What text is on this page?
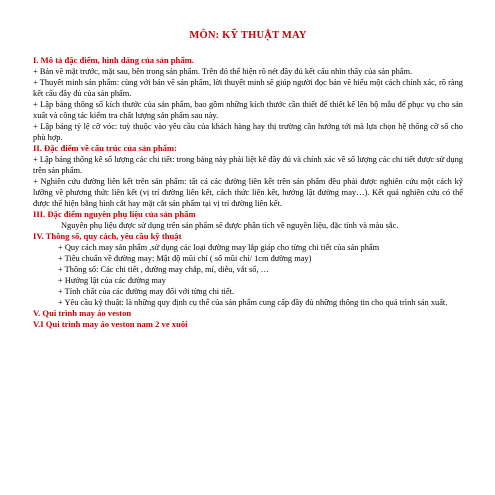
MÔN: KỸ THUẬT MAY
I. Mô tả đặc điểm, hình dáng của sản phẩm.
+ Bản vẽ mặt trước, mặt sau, bên trong sản phẩm. Trên đó thể hiện rõ nét đầy đủ kết cấu nhìn thấy của sản phẩm.
+ Thuyết minh sản phẩm: cùng với bản vẽ sản phẩm, lời thuyết minh sẽ giúp người đọc bản vẽ hiểu một cách chính xác, rõ ràng kết cấu đầy đủ của sản phẩm.
+ Lập bảng thông số kích thước của sản phẩm, bao gồm những kích thước cần thiết để thiết kế lên bộ mẫu để phục vụ cho sản xuất và công tác kiểm tra chất lượng sản phẩm sau này.
+ Lập bảng tỷ lệ cỡ vóc: tuỳ thuộc vào yêu cầu của khách hàng hay thị trường cần hướng tới mà lựa chọn hệ thống cỡ số cho phù hợp.
II. Đặc điểm về cấu trúc của sản phẩm:
+ Lập bảng thống kê số lượng các chi tiết: trong bảng này phải liệt kê đầy đủ và chính xác về số lượng các chi tiết được sử dụng trên sản phẩm.
+ Nghiên cứu đường liên kết trên sản phẩm: tất cả các đường liên kết trên sản phẩm đều phải được nghiên cứu một cách kỹ lưỡng về phương thức liên kết (vị trí đường liên kết, cách thức liên kết, hướng lật đường may…). Kết quả nghiên cứu có thể được thể hiện bằng hình cắt hay mặt cắt sản phẩm tại vị trí đường liên kết.
III. Đặc điểm nguyên phụ liệu của sản phẩm
Nguyên phụ liệu được sử dụng trên sản phẩm sẽ được phân tích về nguyên liệu, đặc tính và màu sắc.
IV. Thông số, quy cách, yêu cầu kỹ thuật
+ Quy cách may sản phẩm ,sử dụng các loại đường may lắp giáp cho từng chi tiết của sản phẩm
+ Tiêu chuẩn về đường may: Mật độ mũi chỉ ( số mũi chỉ/ 1cm đường may)
+ Thông số: Các chi tiết , đường may chắp, mí, diễu, vắt sổ, …
+ Hướng lật của các đường may
+ Tính chất của các đường may đối với từng chi tiết.
+ Yêu cầu kỹ thuật: là những quy định cụ thể của sản phẩm cung cấp đầy đủ những thông tin cho quá trình sản xuất.
V. Qui trình may áo veston
V.I Qui trình may áo veston nam 2 ve xuôi
